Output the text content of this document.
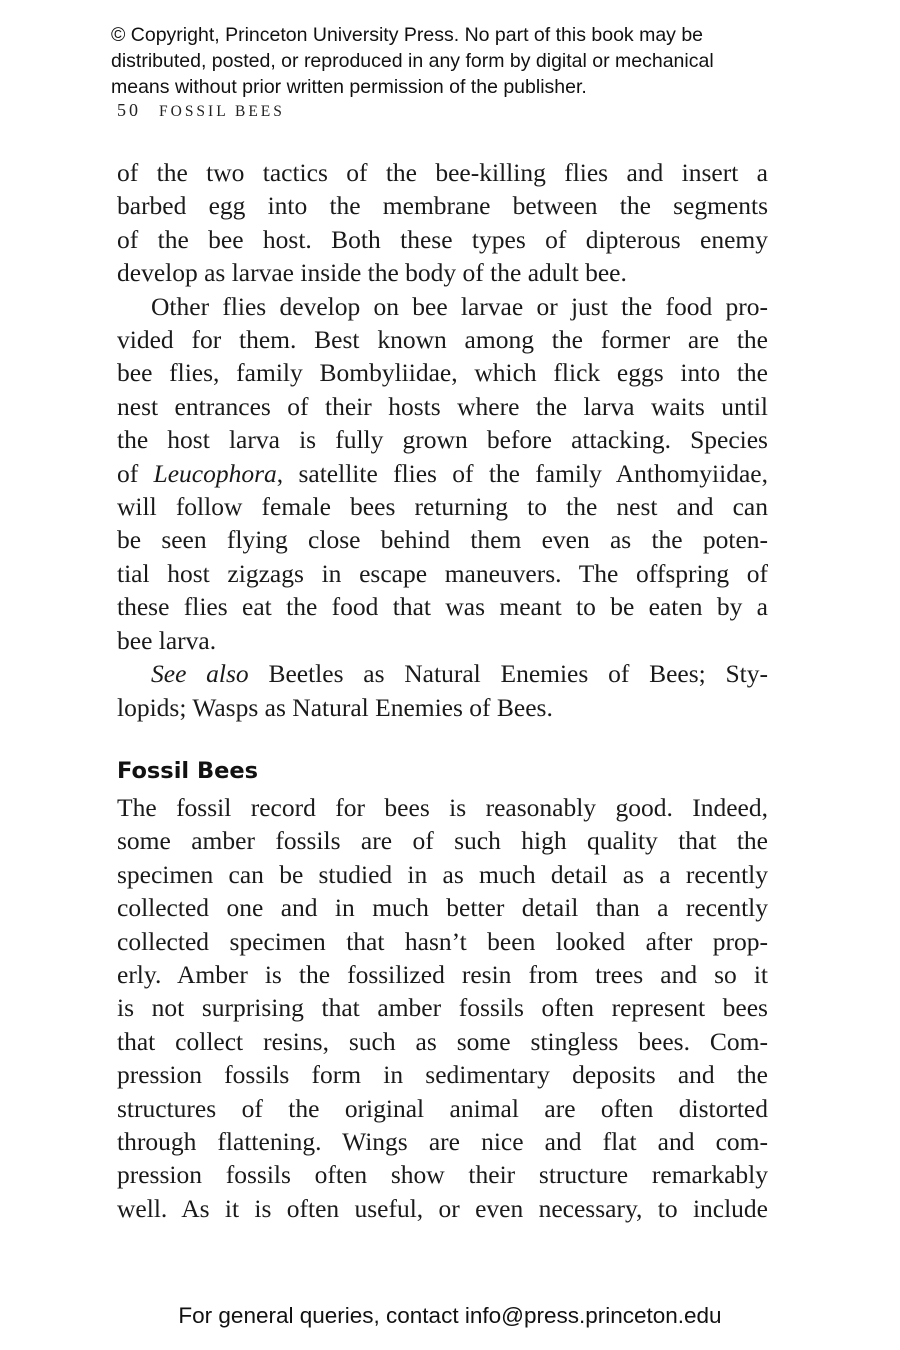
© Copyright, Princeton University Press. No part of this book may be
distributed, posted, or reproduced in any form by digital or mechanical
means without prior written permission of the publisher.
50 FOSSIL BEES
of the two tactics of the bee-killing flies and insert a
barbed egg into the membrane between the segments
of the bee host. Both these types of dipterous enemy
develop as larvae inside the body of the adult bee.
Other flies develop on bee larvae or just the food pro-
vided for them. Best known among the former are the
bee flies, family Bombyliidae, which flick eggs into the
nest entrances of their hosts where the larva waits until
the host larva is fully grown before attacking. Species
of Leucophora, satellite flies of the family Anthomyiidae,
will follow female bees returning to the nest and can
be seen flying close behind them even as the poten-
tial host zigzags in escape maneuvers. The offspring of
these flies eat the food that was meant to be eaten by a
bee larva.
See also Beetles as Natural Enemies of Bees; Sty-
lopids; Wasps as Natural Enemies of Bees.
Fossil Bees
The fossil record for bees is reasonably good. Indeed,
some amber fossils are of such high quality that the
specimen can be studied in as much detail as a recently
collected one and in much better detail than a recently
collected specimen that hasn’t been looked after prop-
erly. Amber is the fossilized resin from trees and so it
is not surprising that amber fossils often represent bees
that collect resins, such as some stingless bees. Com-
pression fossils form in sedimentary deposits and the
structures of the original animal are often distorted
through flattening. Wings are nice and flat and com-
pression fossils often show their structure remarkably
well. As it is often useful, or even necessary, to include
For general queries, contact info@press.princeton.edu
